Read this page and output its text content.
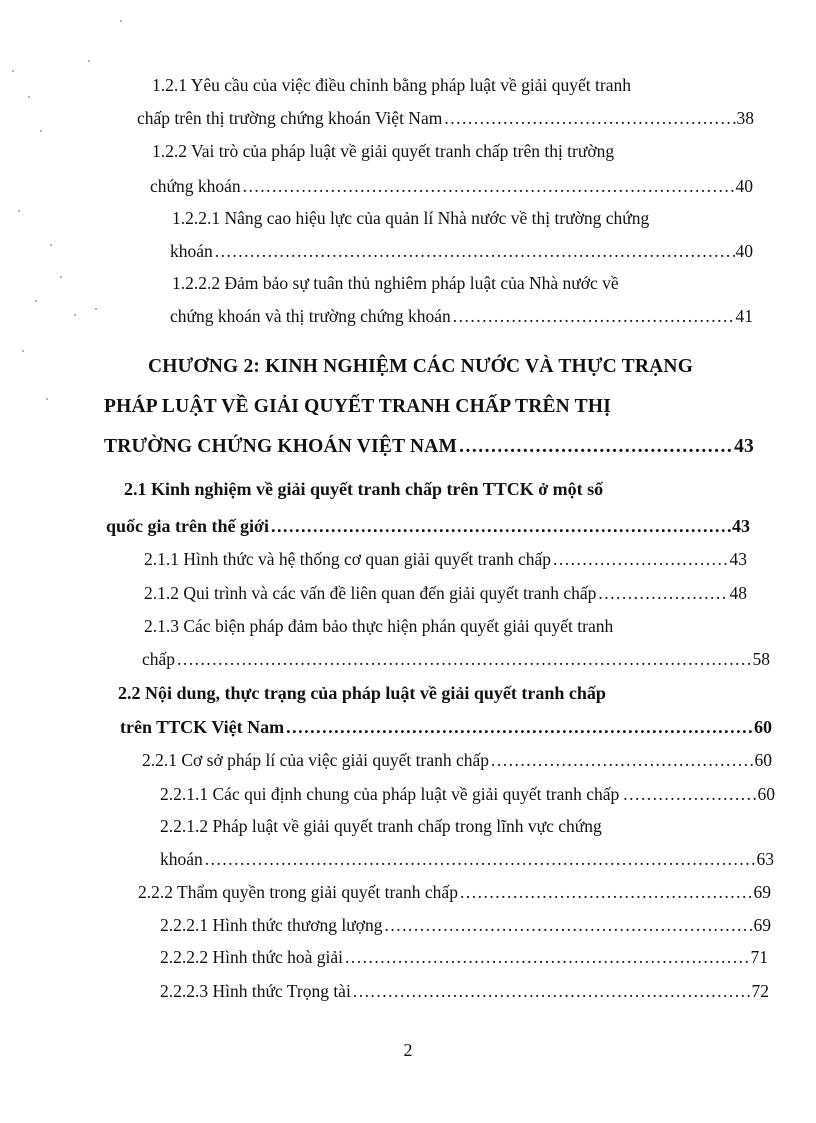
1.2.1 Yêu cầu của việc điều chỉnh bằng pháp luật về giải quyết tranh
chấp trên thị trường chứng khoán Việt Nam .....	38
1.2.2 Vai trò của pháp luật về giải quyết tranh chấp trên thị trường
chứng khoán .....	40
1.2.2.1 Nâng cao hiệu lực của quản lí Nhà nước về thị trường chứng
khoán .....	40
1.2.2.2 Đảm bảo sự tuân thủ nghiêm pháp luật của Nhà nước về
chứng khoán và thị trường chứng khoán .....	41
CHƯƠNG 2: KINH NGHIỆM CÁC NƯỚC VÀ THỰC TRẠNG
PHÁP LUẬT VỀ GIẢI QUYẾT TRANH CHẤP TRÊN THỊ
TRƯỜNG CHỨNG KHOÁN VIỆT NAM .....	43
2.1 Kinh nghiệm về giải quyết tranh chấp trên TTCK ở một số
quốc gia trên thế giới .....	43
2.1.1 Hình thức và hệ thống cơ quan giải quyết tranh chấp .....	43
2.1.2 Qui trình và các vấn đề liên quan đến giải quyết tranh chấp .....	48
2.1.3 Các biện pháp đảm bảo thực hiện phán quyết giải quyết tranh
chấp .....	58
2.2 Nội dung, thực trạng của pháp luật về giải quyết tranh chấp
trên TTCK Việt Nam .....	60
2.2.1 Cơ sở pháp lí của việc giải quyết tranh chấp .....	60
2.2.1.1 Các qui định chung của pháp luật về giải quyết tranh chấp .....	60
2.2.1.2 Pháp luật về giải quyết tranh chấp trong lĩnh vực chứng
khoán .....	63
2.2.2 Thẩm quyền trong giải quyết tranh chấp .....	69
2.2.2.1 Hình thức thương lượng .....	69
2.2.2.2 Hình thức hoà giải .....	71
2.2.2.3 Hình thức Trọng tài .....	72
2
